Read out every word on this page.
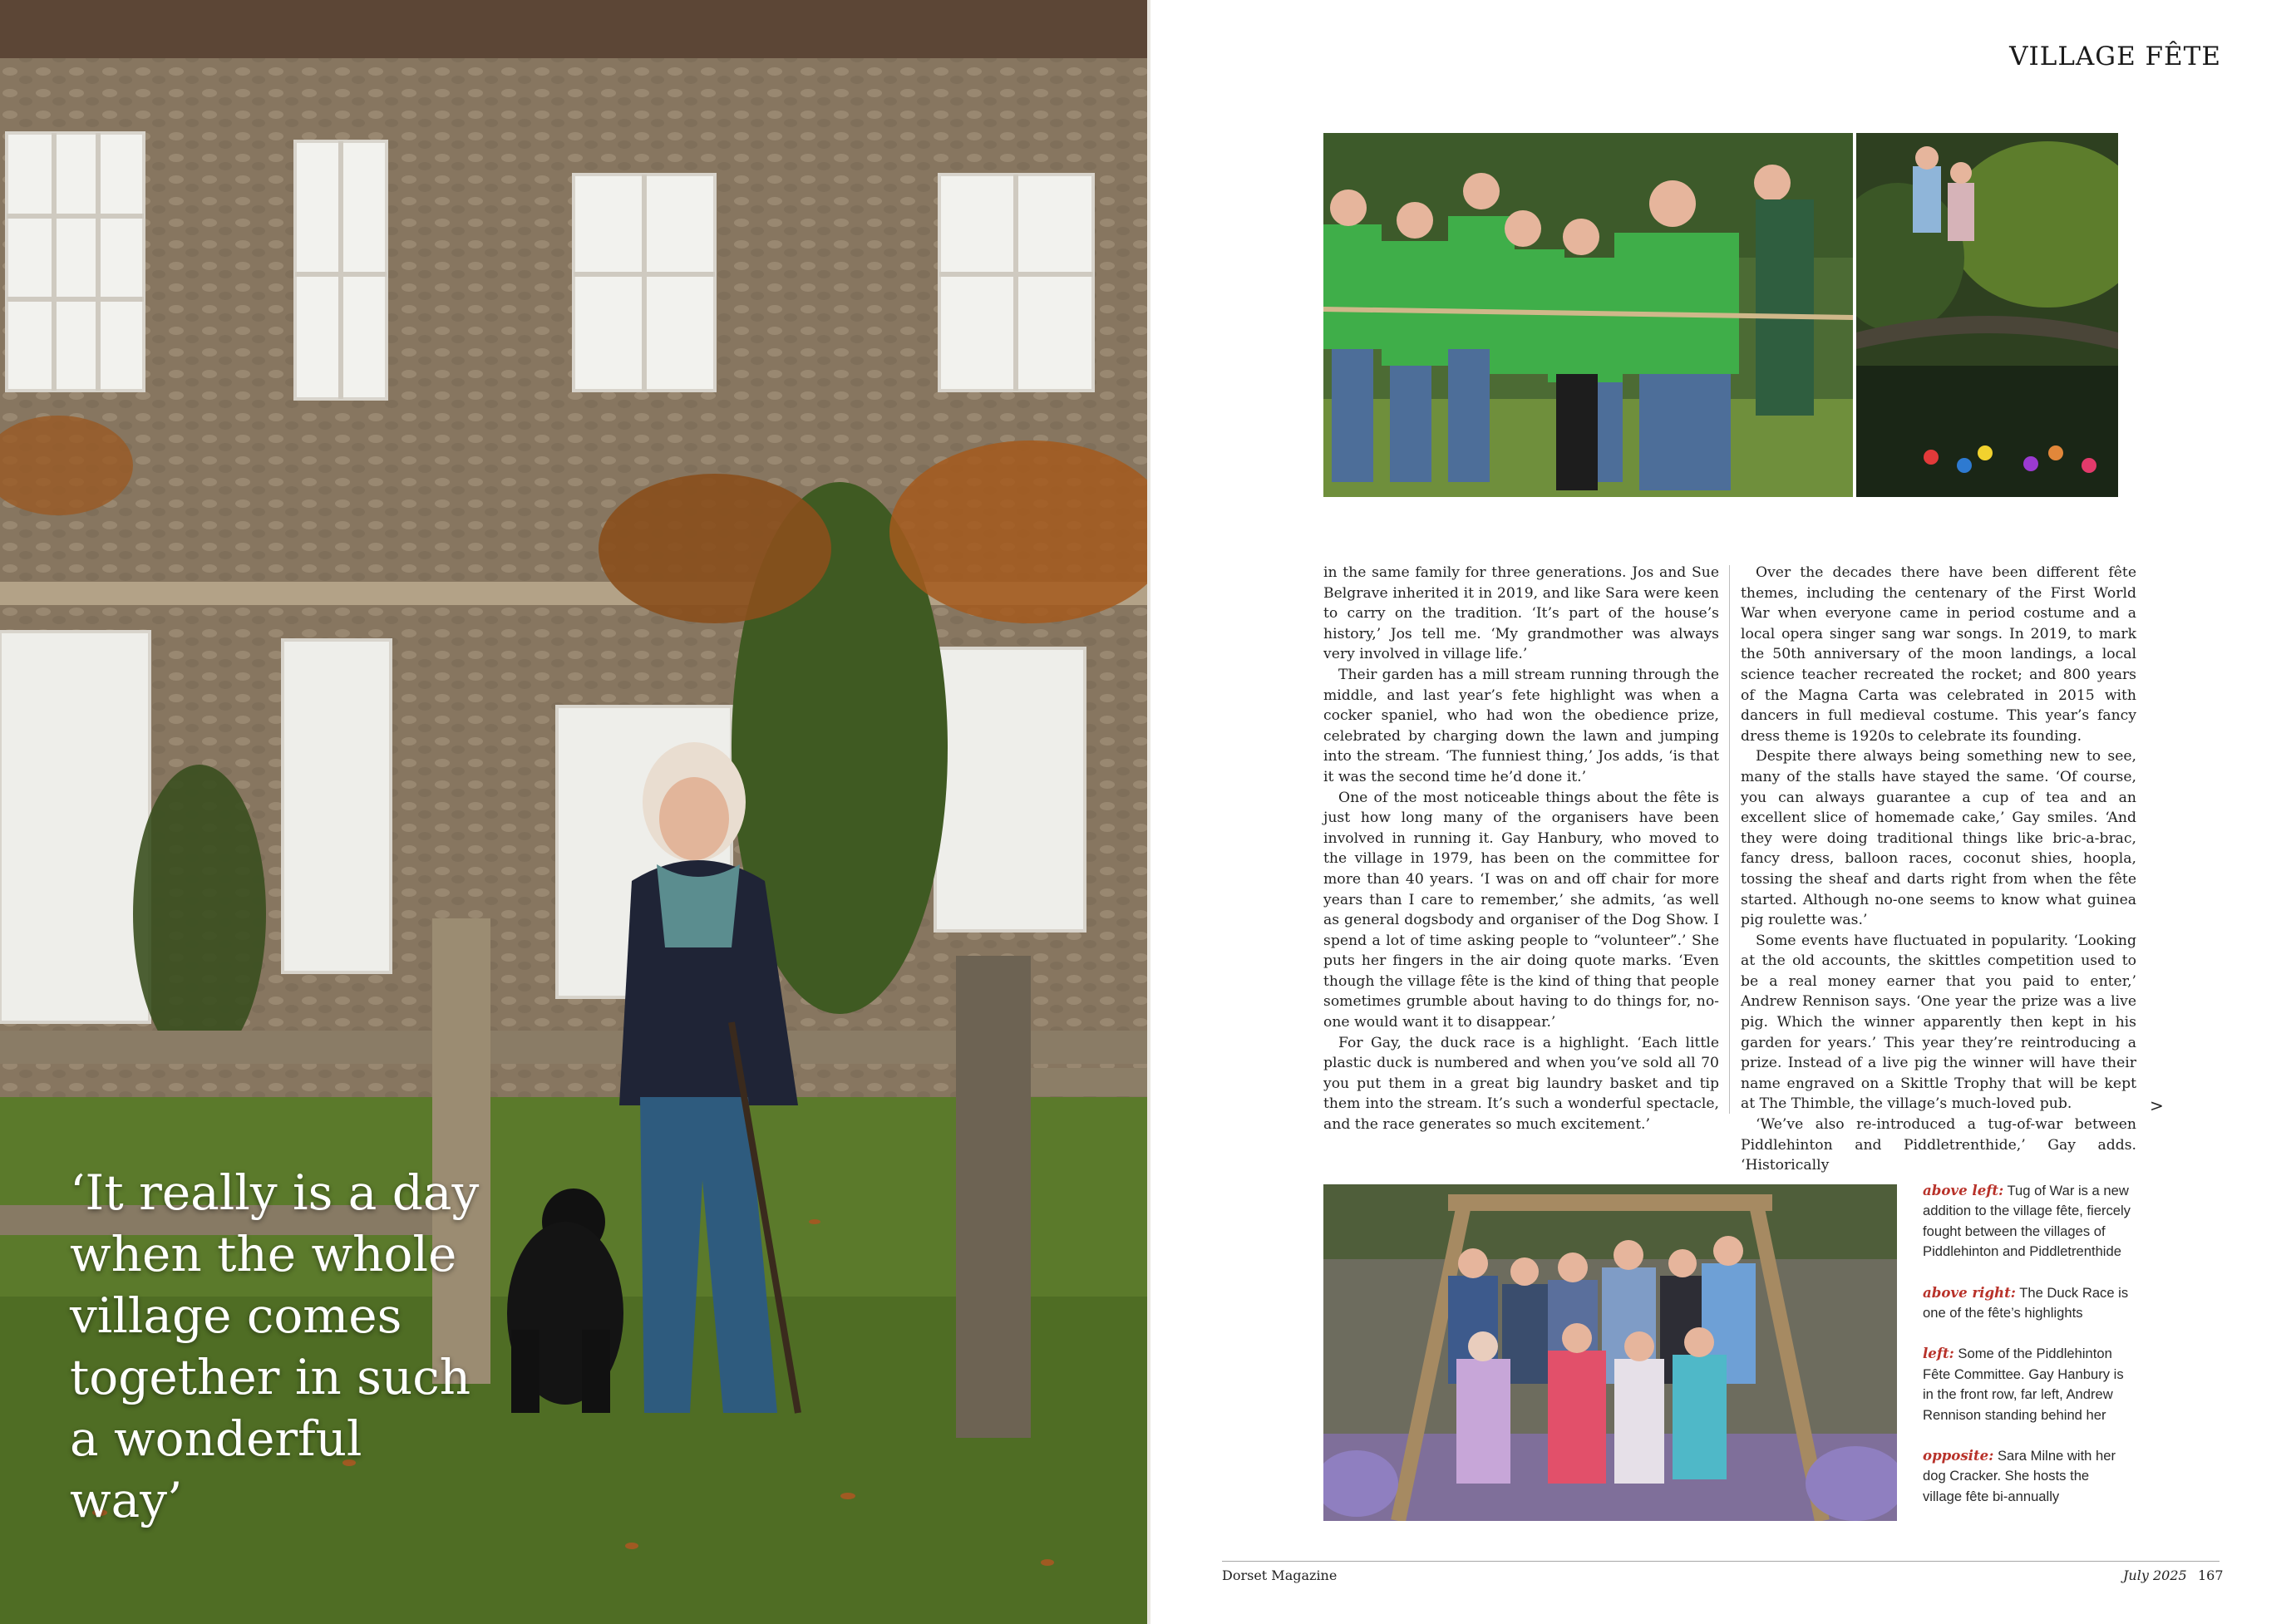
‘It really is a day when the whole village comes together in such a wonderful way’

VILLAGE FÊTE

in the same family for three generations. Jos and Sue Belgrave inherited it in 2019, and like Sara were keen to carry on the tradition. ‘It’s part of the house’s history,’ Jos tell me. ‘My grandmother was always very involved in village life.’

Their garden has a mill stream running through the middle, and last year’s fete highlight was when a cocker spaniel, who had won the obedience prize, celebrated by charging down the lawn and jumping into the stream. ‘The funniest thing,’ Jos adds, ‘is that it was the second time he’d done it.’

One of the most noticeable things about the fête is just how long many of the organisers have been involved in running it. Gay Hanbury, who moved to the village in 1979, has been on the committee for more than 40 years. ‘I was on and off chair for more years than I care to remember,’ she admits, ‘as well as general dogsbody and organiser of the Dog Show. I spend a lot of time asking people to “volunteer”.’ She puts her fingers in the air doing quote marks. ‘Even though the village fête is the kind of thing that people sometimes grumble about having to do things for, no-one would want it to disappear.’

For Gay, the duck race is a highlight. ‘Each little plastic duck is numbered and when you’ve sold all 70 you put them in a great big laundry basket and tip them into the stream. It’s such a wonderful spectacle, and the race generates so much excitement.’

Over the decades there have been different fête themes, including the centenary of the First World War when everyone came in period costume and a local opera singer sang war songs. In 2019, to mark the 50th anniversary of the moon landings, a local science teacher recreated the rocket; and 800 years of the Magna Carta was celebrated in 2015 with dancers in full medieval costume. This year’s fancy dress theme is 1920s to celebrate its founding.

Despite there always being something new to see, many of the stalls have stayed the same. ‘Of course, you can always guarantee a cup of tea and an excellent slice of homemade cake,’ Gay smiles. ‘And they were doing traditional things like bric-a-brac, fancy dress, balloon races, coconut shies, hoopla, tossing the sheaf and darts right from when the fête started. Although no-one seems to know what guinea pig roulette was.’

Some events have fluctuated in popularity. ‘Looking at the old accounts, the skittles competition used to be a real money earner that you paid to enter,’ Andrew Rennison says. ‘One year the prize was a live pig. Which the winner apparently then kept in his garden for years.’ This year they’re reintroducing a prize. Instead of a live pig the winner will have their name engraved on a Skittle Trophy that will be kept at The Thimble, the village’s much-loved pub.

‘We’ve also re-introduced a tug-of-war between Piddlehinton and Piddletrenthide,’ Gay adds. ‘Historically

>

above left: Tug of War is a new addition to the village fête, fiercely fought between the villages of Piddlehinton and Piddletrenthide

above right: The Duck Race is one of the fête’s highlights

left: Some of the Piddlehinton Fête Committee. Gay Hanbury is in the front row, far left, Andrew Rennison standing behind her

opposite: Sara Milne with her dog Cracker. She hosts the village fête bi-annually

Dorset Magazine	July 2025 167
